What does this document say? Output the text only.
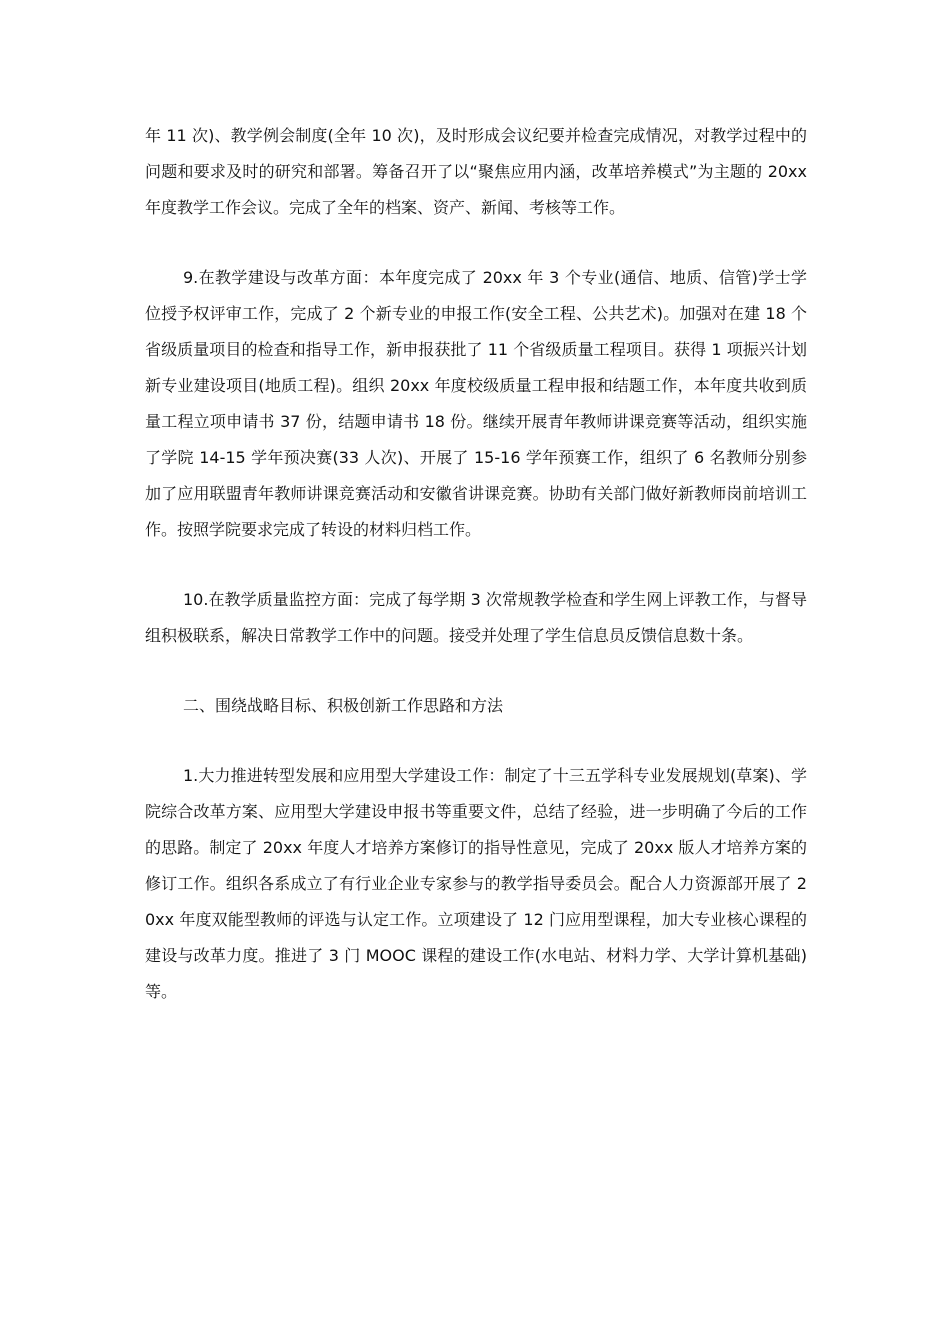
年 11 次)、教学例会制度(全年 10 次)，及时形成会议纪要并检查完成情况，对教学过程中的问题和要求及时的研究和部署。筹备召开了以“聚焦应用内涵，改革培养模式”为主题的 20xx 年度教学工作会议。完成了全年的档案、资产、新闻、考核等工作。

9.在教学建设与改革方面：本年度完成了 20xx 年 3 个专业(通信、地质、信管)学士学位授予权评审工作，完成了 2 个新专业的申报工作(安全工程、公共艺术)。加强对在建 18 个省级质量项目的检查和指导工作，新申报获批了 11 个省级质量工程项目。获得 1 项振兴计划新专业建设项目(地质工程)。组织 20xx 年度校级质量工程申报和结题工作，本年度共收到质量工程立项申请书 37 份，结题申请书 18 份。继续开展青年教师讲课竞赛等活动，组织实施了学院 14-15 学年预决赛(33 人次)、开展了 15-16 学年预赛工作，组织了 6 名教师分别参加了应用联盟青年教师讲课竞赛活动和安徽省讲课竞赛。协助有关部门做好新教师岗前培训工作。按照学院要求完成了转设的材料归档工作。

10.在教学质量监控方面：完成了每学期 3 次常规教学检查和学生网上评教工作，与督导组积极联系，解决日常教学工作中的问题。接受并处理了学生信息员反馈信息数十条。

二、围绕战略目标、积极创新工作思路和方法

1.大力推进转型发展和应用型大学建设工作：制定了十三五学科专业发展规划(草案)、学院综合改革方案、应用型大学建设申报书等重要文件，总结了经验，进一步明确了今后的工作的思路。制定了 20xx 年度人才培养方案修订的指导性意见，完成了 20xx 版人才培养方案的修订工作。组织各系成立了有行业企业专家参与的教学指导委员会。配合人力资源部开展了 20xx 年度双能型教师的评选与认定工作。立项建设了 12 门应用型课程，加大专业核心课程的建设与改革力度。推进了 3 门 MOOC 课程的建设工作(水电站、材料力学、大学计算机基础)等。
